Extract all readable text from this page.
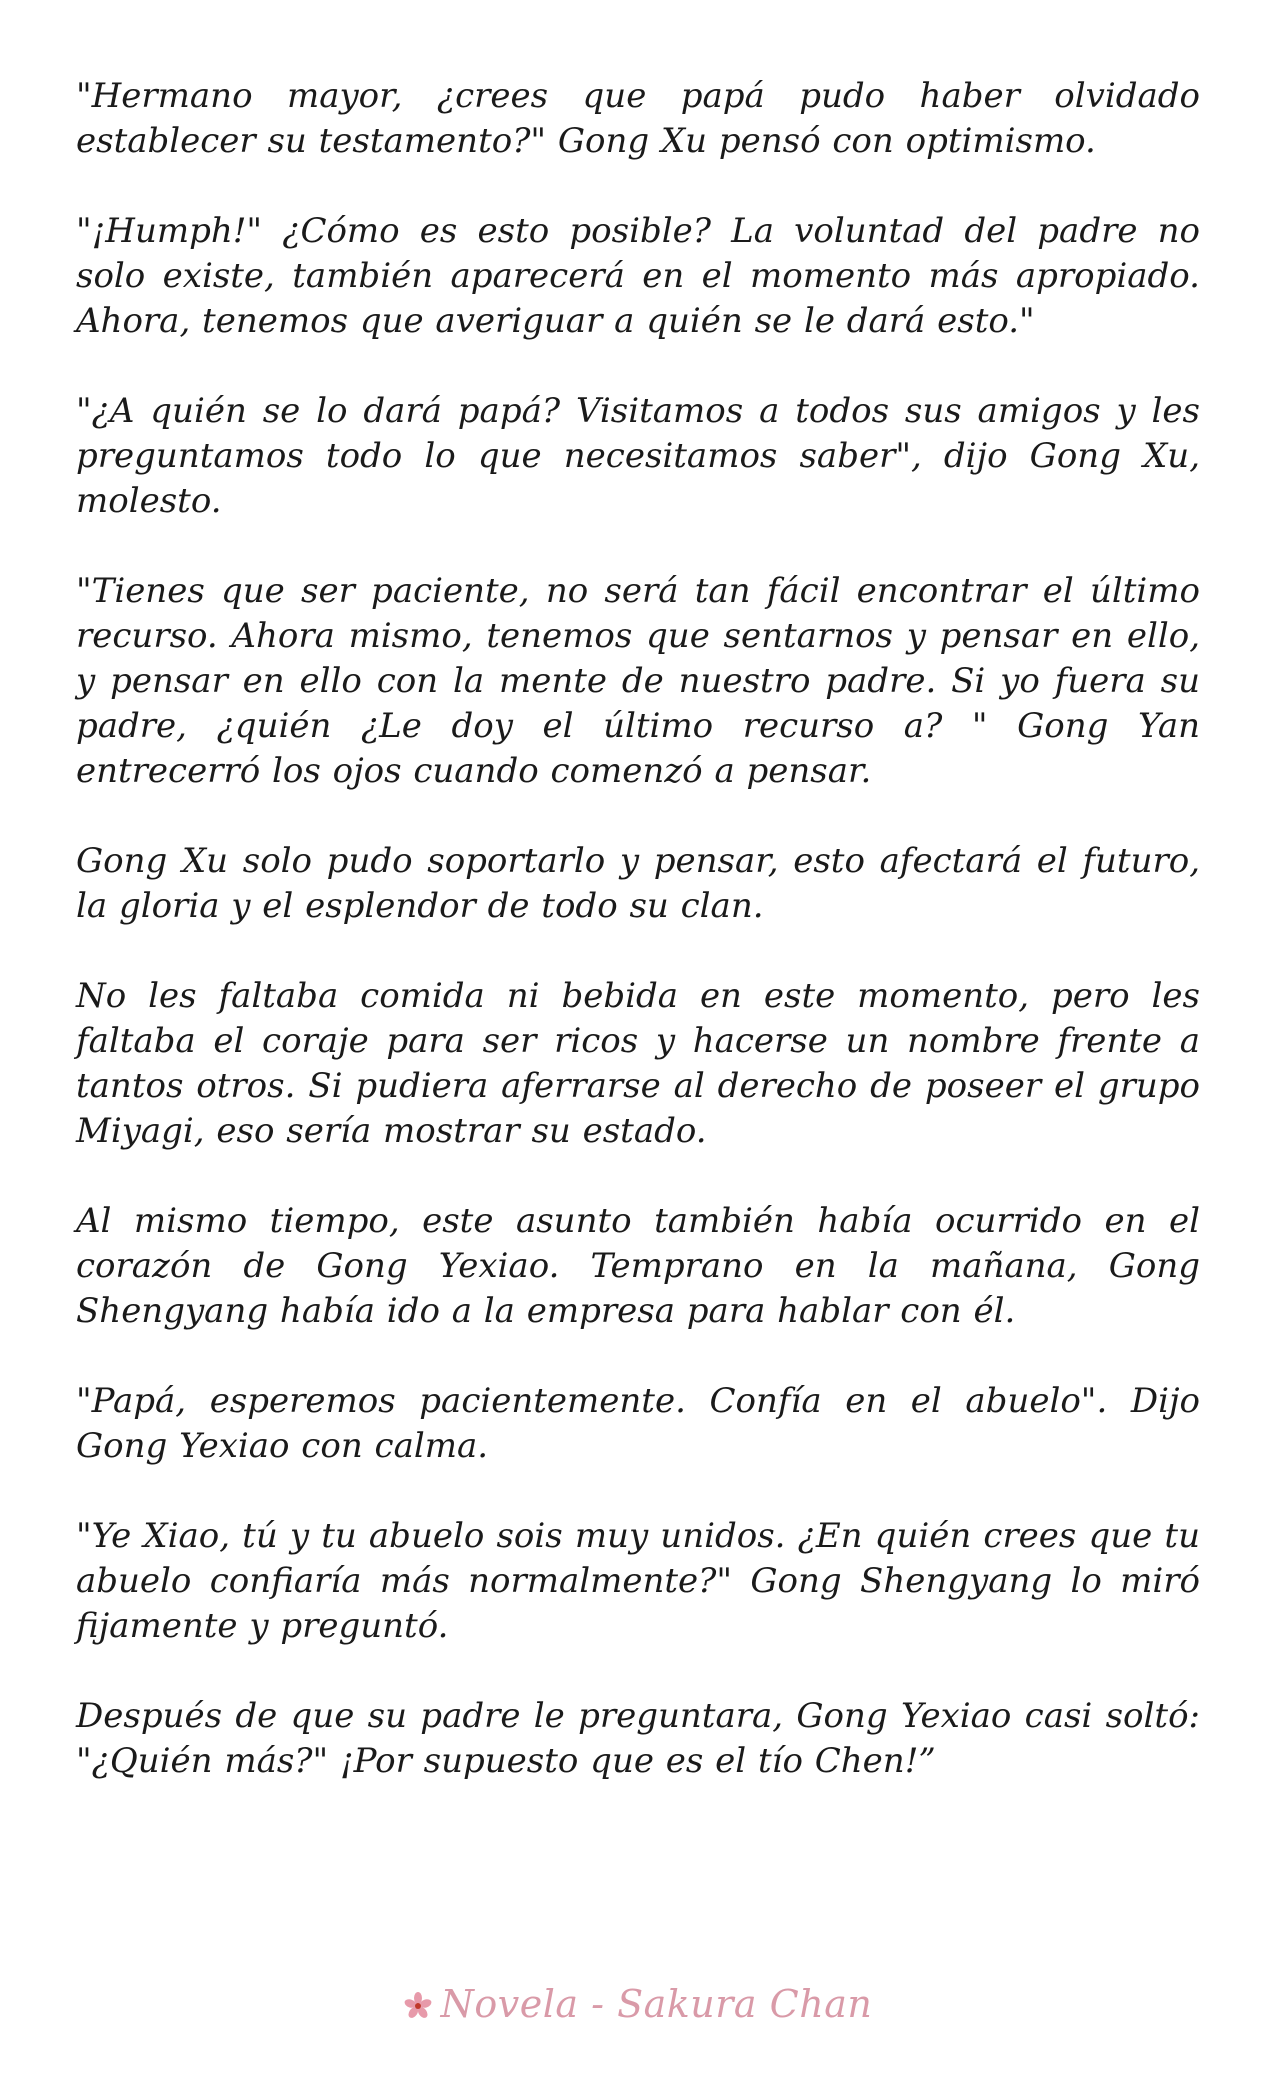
"Hermano mayor, ¿crees que papá pudo haber olvidado establecer su testamento?" Gong Xu pensó con optimismo.

"¡Humph!" ¿Cómo es esto posible? La voluntad del padre no solo existe, también aparecerá en el momento más apropiado. Ahora, tenemos que averiguar a quién se le dará esto."

"¿A quién se lo dará papá? Visitamos a todos sus amigos y les preguntamos todo lo que necesitamos saber", dijo Gong Xu, molesto.

"Tienes que ser paciente, no será tan fácil encontrar el último recurso. Ahora mismo, tenemos que sentarnos y pensar en ello, y pensar en ello con la mente de nuestro padre. Si yo fuera su padre, ¿quién ¿Le doy el último recurso a? " Gong Yan entrecerró los ojos cuando comenzó a pensar.

Gong Xu solo pudo soportarlo y pensar, esto afectará el futuro, la gloria y el esplendor de todo su clan.

No les faltaba comida ni bebida en este momento, pero les faltaba el coraje para ser ricos y hacerse un nombre frente a tantos otros. Si pudiera aferrarse al derecho de poseer el grupo Miyagi, eso sería mostrar su estado.

Al mismo tiempo, este asunto también había ocurrido en el corazón de Gong Yexiao. Temprano en la mañana, Gong Shengyang había ido a la empresa para hablar con él.

"Papá, esperemos pacientemente. Confía en el abuelo". Dijo Gong Yexiao con calma.

"Ye Xiao, tú y tu abuelo sois muy unidos. ¿En quién crees que tu abuelo confiaría más normalmente?" Gong Shengyang lo miró fijamente y preguntó.

Después de que su padre le preguntara, Gong Yexiao casi soltó: "¿Quién más?" ¡Por supuesto que es el tío Chen!”

Novela - Sakura Chan
